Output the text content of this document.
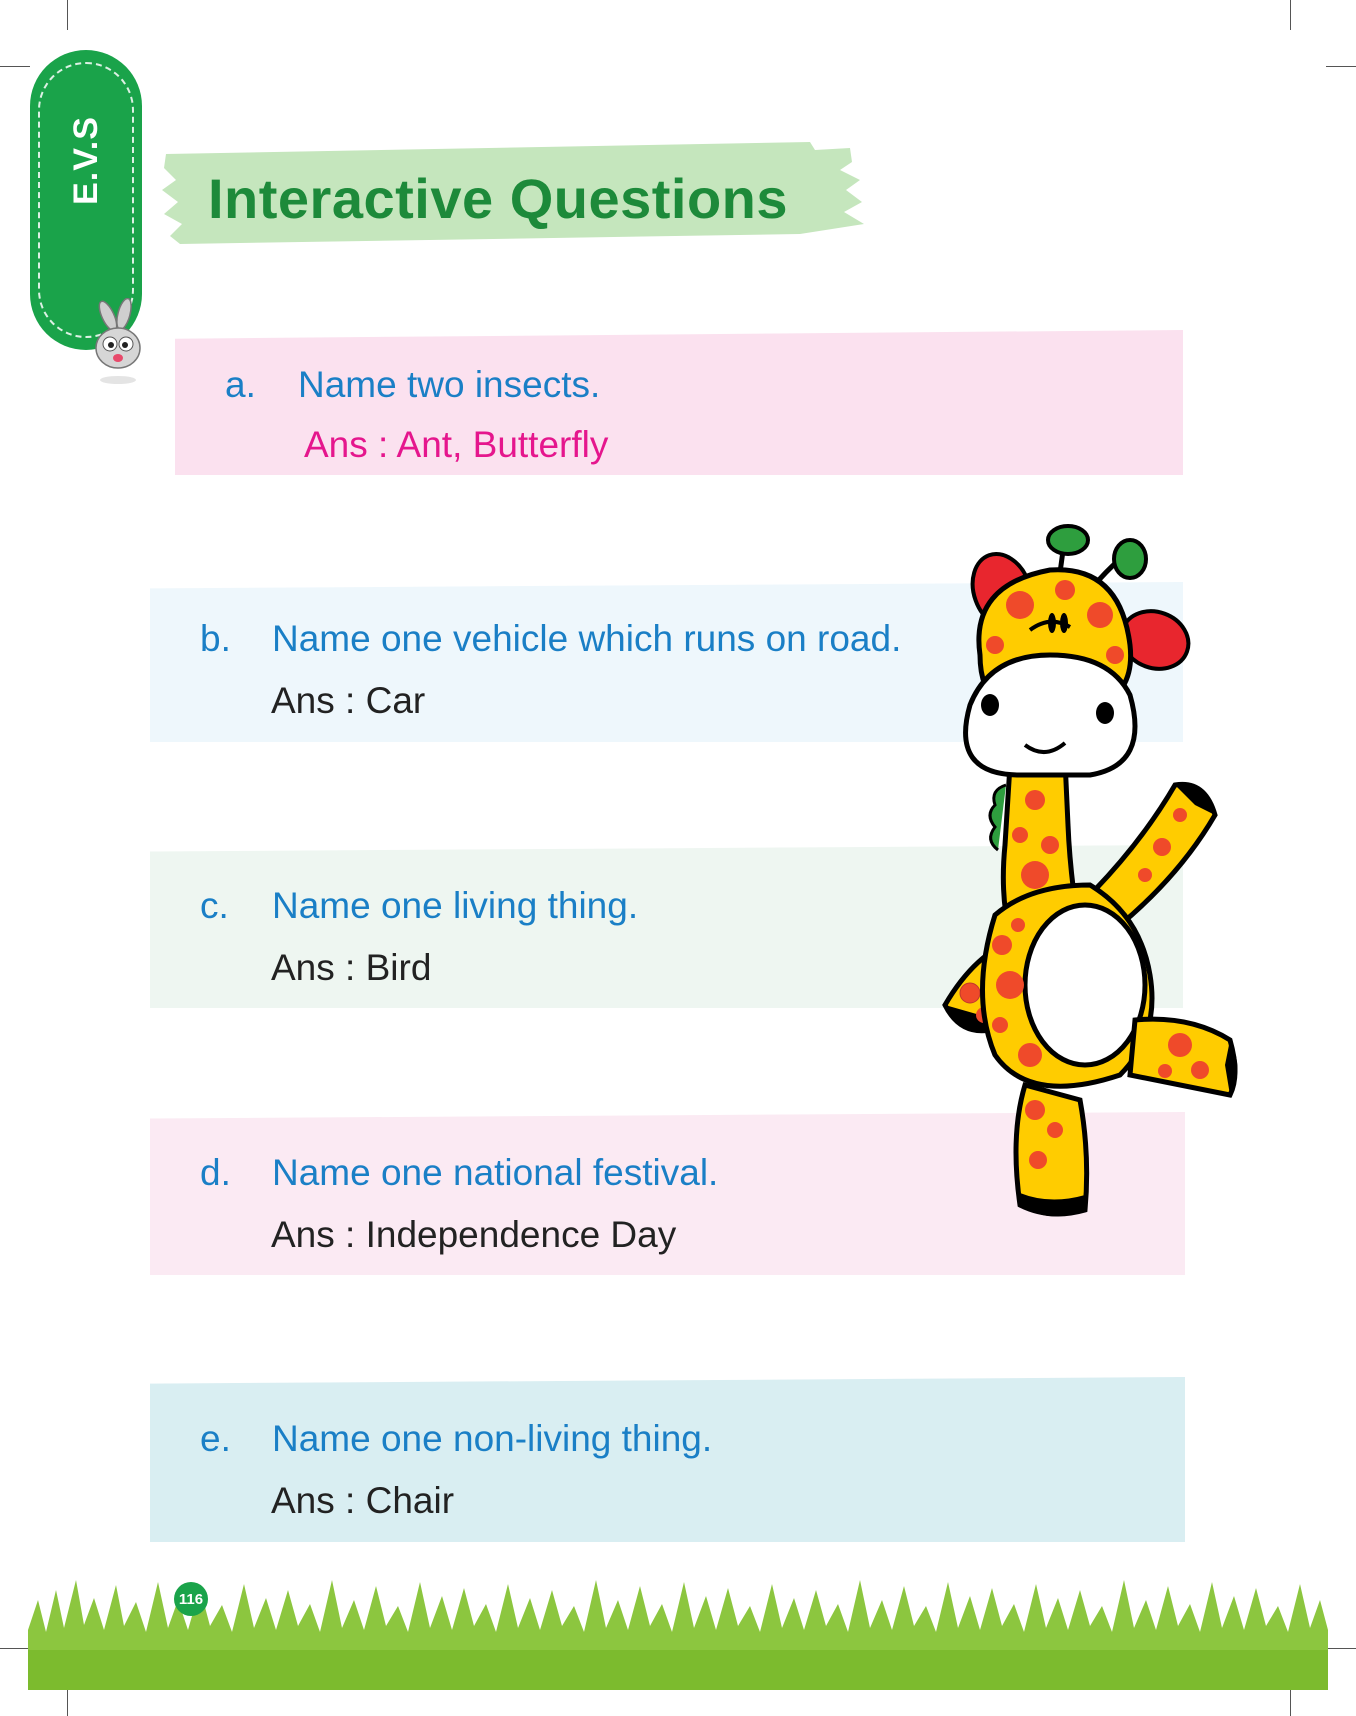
E.V.S Interactive Questions
a. Name two insects.
Ans : Ant, Butterfly
b. Name one vehicle which runs on road.
Ans : Car
c. Name one living thing.
Ans : Bird
d. Name one national festival.
Ans : Independence Day
e. Name one non-living thing.
Ans : Chair
116
